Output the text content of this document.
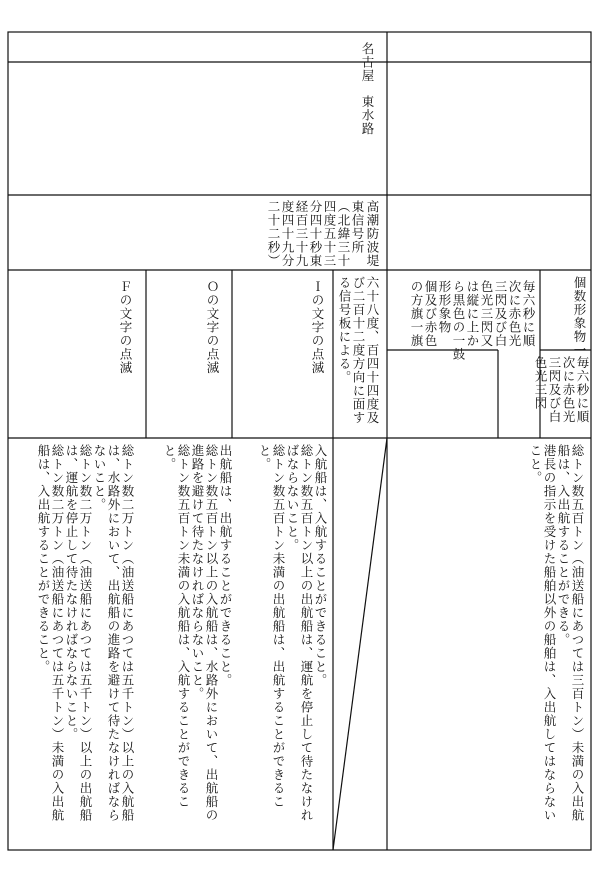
名古屋
東水路
高潮防波堤
東信号所
（北緯三十
四度五十三
分四十秒東
経百三十九
度四十九分
二十二秒）
六十八度、百四十四度及
び二百十二度方向に面す
る信号板による。	個数形象物一
毎六秒に順
次に赤色光
三閃及び白
色光三閃又
は縦に上か
ら黒色の一鼓
形形象物
個及び赤色
の方旗一旗
毎六秒に順
次に赤色光
三閃及び白
色光三閃
Ｉの文字の点滅
Ｏの文字の点滅
Ｆの文字の点滅
総トン数五百トン（油送船にあつては三百トン）未満の入出航
船は、入出航することができる。
港長の指示を受けた船舶以外の船舶は、入出航してはならない
こと。
入航船は、入航することができること。
総トン数五百トン以上の出航船は、運航を停止して待たなけれ
ばならないこと。
総トン数五百トン未満の出航船は、出航することができるこ
と。
出航船は、出航することができること。
総トン数五百トン以上の入航船は、水路外において、出航船の
進路を避けて待たなければならないこと。
総トン数五百トン未満の入航船は、入航することができるこ
と。
総トン数二万トン（油送船にあつては五千トン）以上の入航船
は、水路外において、出航船の進路を避けて待たなければなら
ないこと。
総トン数二万トン（油送船にあつては五千トン）以上の出航船
は、運航を停止して待たなければならないこと。
総トン数二万トン（油送船にあつては五千トン）未満の入出航
船は、入出航することができること。
